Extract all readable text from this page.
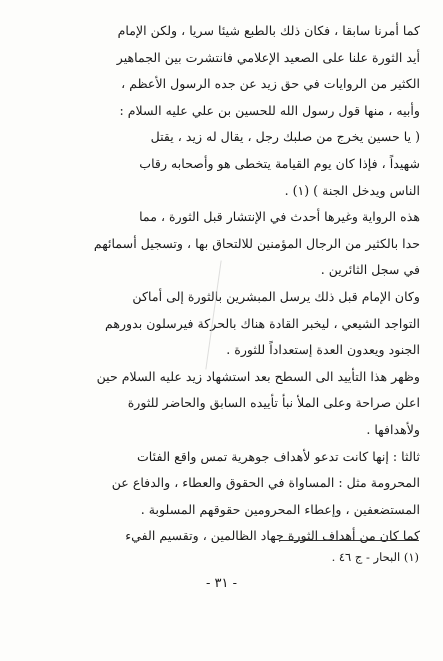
كما أمرنا سابقا ، فكان ذلك بالطبع شيئا سريا ، ولكن الإمام
أيد الثورة علنا على الصعيد الإعلامي فانتشرت بين الجماهير
الكثير من الروايات في حق زيد عن جده الرسول الأعظم ،
وأبيه ، منها قول رسول الله للحسين بن علي عليه السلام :
( يا حسين يخرج من صلبك رجل ، يقال له زيد ، يقتل
شهيداً ، فإذا كان يوم القيامة يتخطى هو وأصحابه رقاب
الناس ويدخل الجنة ) (١) .
هذه الرواية وغيرها أحدث في الإنتشار قبل الثورة ، مما
حدا بالكثير من الرجال المؤمنين للالتحاق بها ، وتسجيل أسمائهم
في سجل الثائرين .
وكان الإمام قبل ذلك يرسل المبشرين بالثورة إلى أماكن
التواجد الشيعي ، ليخبر القادة هناك بالحركة فيرسلون بدورهم
الجنود ويعدون العدة إستعداداً للثورة .
وظهر هذا التأييد الى السطح بعد استشهاد زيد عليه السلام حين
اعلن صراحة وعلى الملأ نبأ تأييده السابق والحاضر للثورة
ولأهدافها .
ثالثا : إنها كانت تدعو لأهداف جوهرية تمس واقع الفئات
المحرومة مثل : المساواة في الحقوق والعطاء ، والدفاع عن
المستضعفين ، وإعطاء المحرومين حقوقهم المسلوبة .
كما كان من أهداف الثورة جهاد الظالمين ، وتقسيم الفيء
(١) البحار - ج ٤٦ .
- ٣١ -
